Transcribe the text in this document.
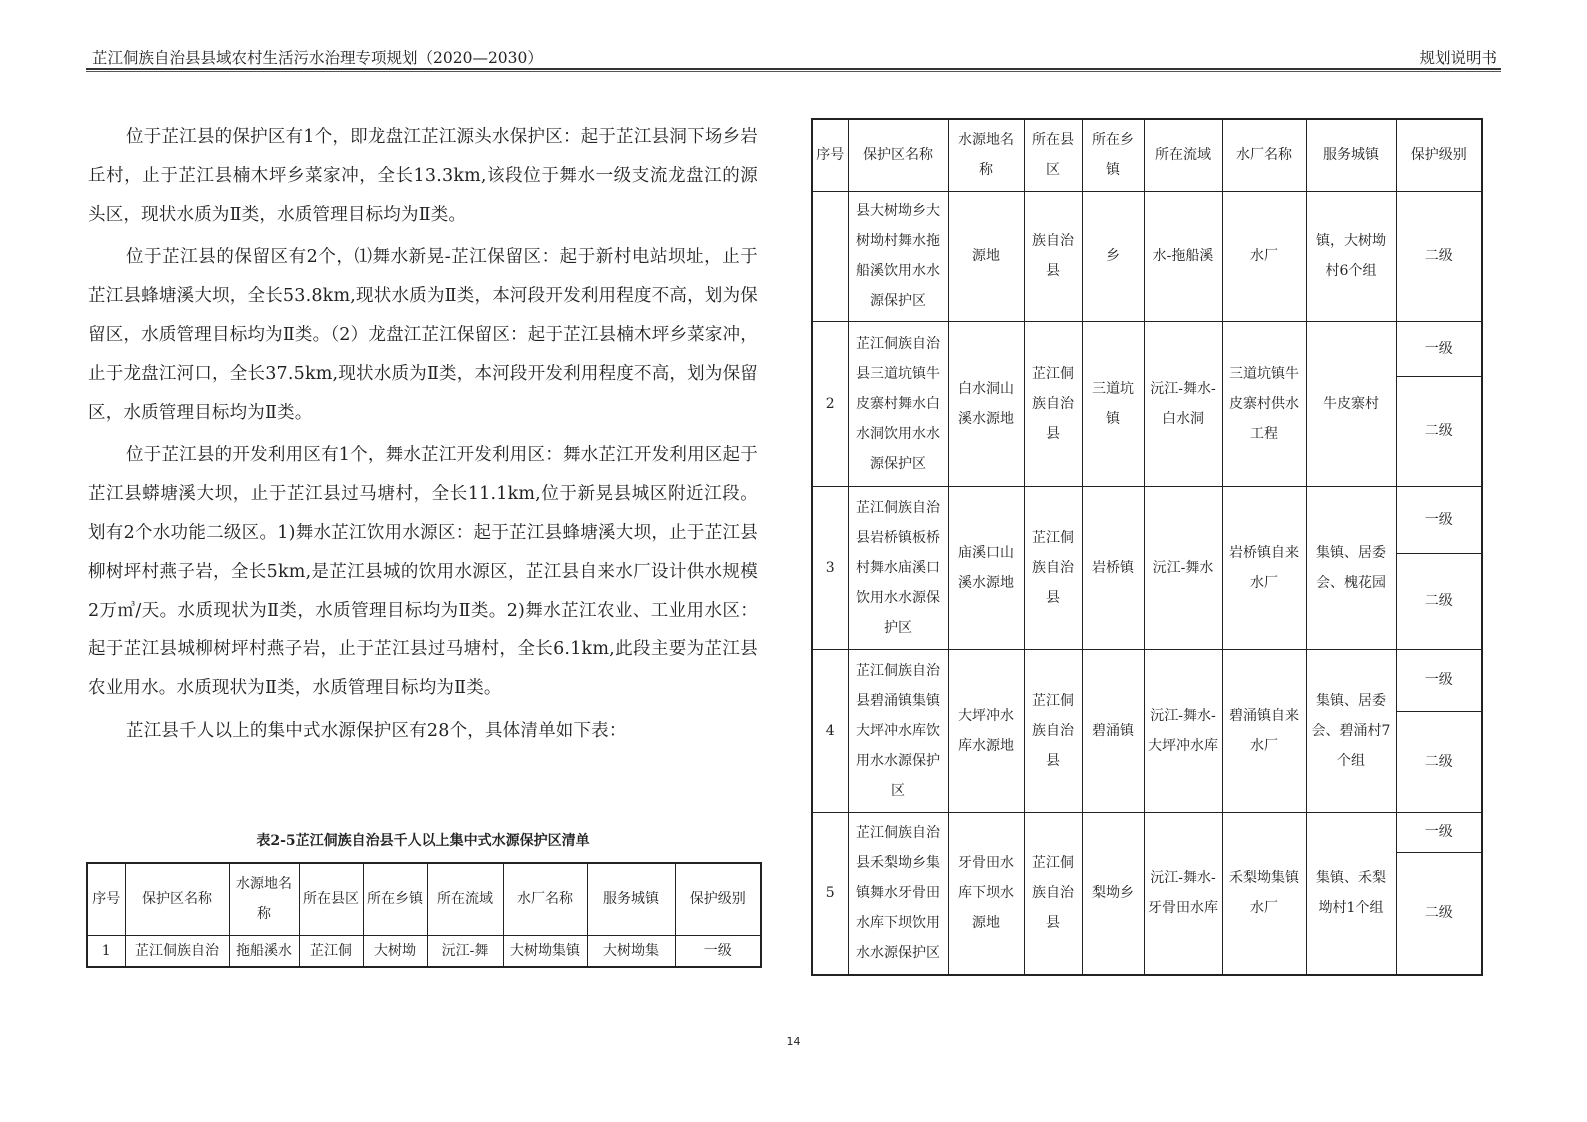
芷江侗族自治县县域农村生活污水治理专项规划（2020—2030）	规划说明书

位于芷江县的保护区有1个，即龙盘江芷江源头水保护区：起于芷江县洞下场乡岩丘村，止于芷江县楠木坪乡菜家冲，全长13.3km,该段位于舞水一级支流龙盘江的源头区，现状水质为Ⅱ类，水质管理目标均为Ⅱ类。

位于芷江县的保留区有2个，⑴舞水新晃-芷江保留区：起于新村电站坝址，止于芷江县蜂塘溪大坝，全长53.8km,现状水质为Ⅱ类，本河段开发利用程度不高，划为保留区，水质管理目标均为Ⅱ类。（2）龙盘江芷江保留区：起于芷江县楠木坪乡菜家冲，止于龙盘江河口，全长37.5km,现状水质为Ⅱ类，本河段开发利用程度不高，划为保留区，水质管理目标均为Ⅱ类。

位于芷江县的开发利用区有1个，舞水芷江开发利用区：舞水芷江开发利用区起于芷江县蟒塘溪大坝，止于芷江县过马塘村，全长11.1km,位于新晃县城区附近江段。划有2个水功能二级区。1)舞水芷江饮用水源区：起于芷江县蜂塘溪大坝，止于芷江县柳树坪村燕子岩，全长5km,是芷江县城的饮用水源区，芷江县自来水厂设计供水规模2万㎥/天。水质现状为Ⅱ类，水质管理目标均为Ⅱ类。2)舞水芷江农业、工业用水区：起于芷江县城柳树坪村燕子岩，止于芷江县过马塘村，全长6.1km,此段主要为芷江县农业用水。水质现状为Ⅱ类，水质管理目标均为Ⅱ类。

芷江县千人以上的集中式水源保护区有28个，具体清单如下表：

表2-5芷江侗族自治县千人以上集中式水源保护区清单
序号	保护区名称	水源地名称	所在县区	所在乡镇	所在流域	水厂名称	服务城镇	保护级别
1	芷江侗族自治	拖船溪水	芷江侗	大树坳	沅江-舞	大树坳集镇	大树坳集	一级
序号	保护区名称	水源地名称	所在县区	所在乡镇	所在流域	水厂名称	服务城镇	保护级别
	县大树坳乡大树坳村舞水拖船溪饮用水水源保护区	源地	族自治县	乡	水-拖船溪	水厂	镇，大树坳村6个组	二级
2	芷江侗族自治县三道坑镇牛皮寨村舞水白水洞饮用水水源保护区	白水洞山溪水源地	芷江侗族自治县	三道坑镇	沅江-舞水-白水洞	三道坑镇牛皮寨村供水工程	牛皮寨村	一级
								二级
3	芷江侗族自治县岩桥镇板桥村舞水庙溪口饮用水水源保护区	庙溪口山溪水源地	芷江侗族自治县	岩桥镇	沅江-舞水	岩桥镇自来水厂	集镇、居委会、槐花园	一级
								二级
4	芷江侗族自治县碧涌镇集镇大坪冲水库饮用水水源保护区	大坪冲水库水源地	芷江侗族自治县	碧涌镇	沅江-舞水-大坪冲水库	碧涌镇自来水厂	集镇、居委会、碧涌村7个组	一级
								二级
5	芷江侗族自治县禾梨坳乡集镇舞水牙骨田水库下坝饮用水水源保护区	牙骨田水库下坝水源地	芷江侗族自治县	梨坳乡	沅江-舞水-牙骨田水库	禾梨坳集镇水厂	集镇、禾梨坳村1个组	一级
								二级
14
